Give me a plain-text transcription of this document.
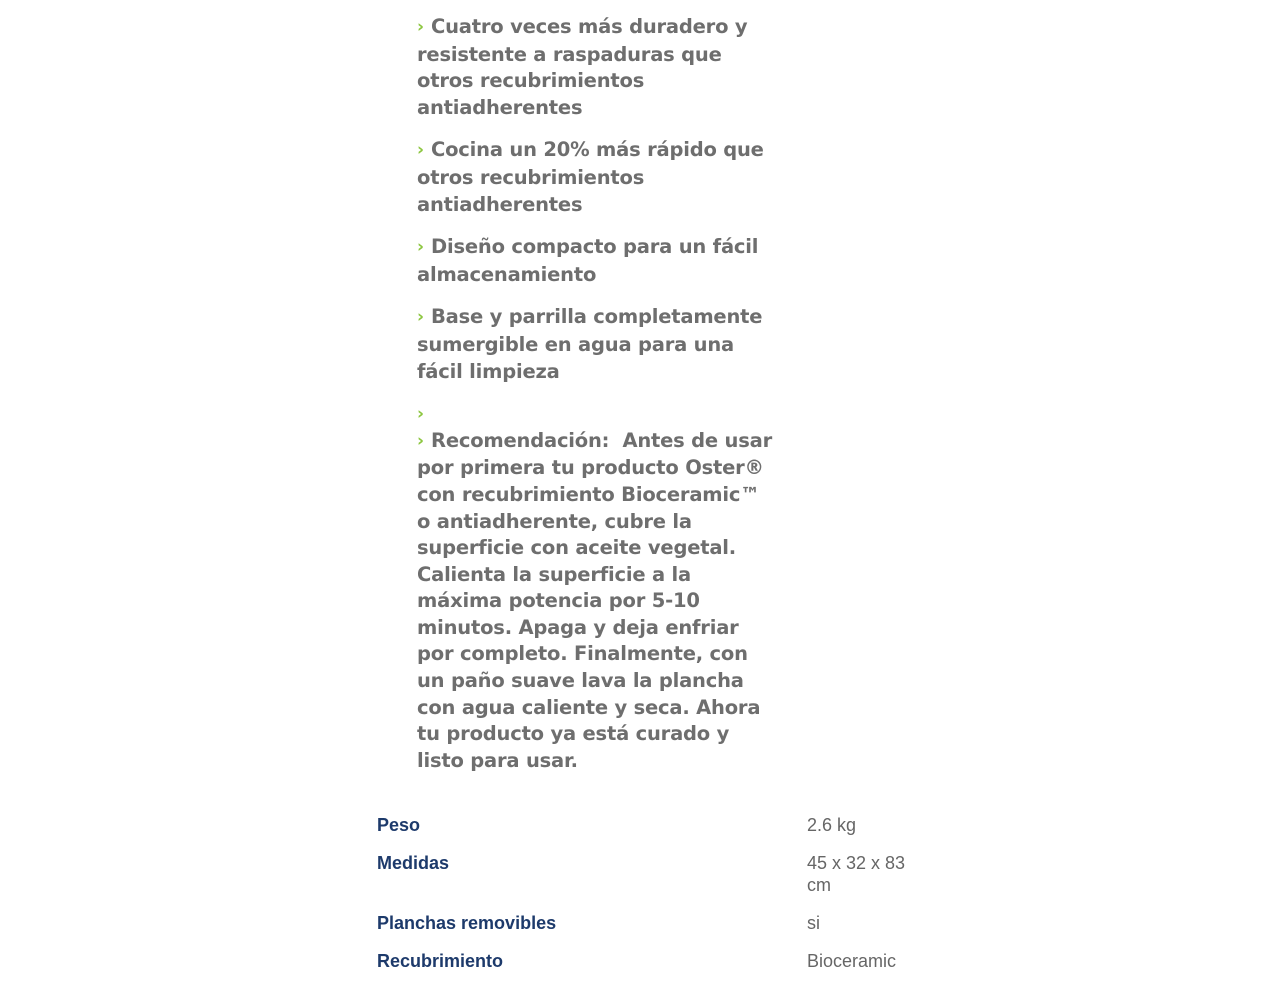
› Cuatro veces más duradero y resistente a raspaduras que otros recubrimientos antiadherentes
› Cocina un 20% más rápido que otros recubrimientos antiadherentes
› Diseño compacto para un fácil almacenamiento
› Base y parrilla completamente sumergible en agua para una fácil limpieza
›
› Recomendación: Antes de usar por primera tu producto Oster® con recubrimiento Bioceramic™ o antiadherente, cubre la superficie con aceite vegetal. Calienta la superficie a la máxima potencia por 5-10 minutos. Apaga y deja enfriar por completo. Finalmente, con un paño suave lava la plancha con agua caliente y seca. Ahora tu producto ya está curado y listo para usar.
Peso	2.6 kg
Medidas	45 x 32 x 83 cm
Planchas removibles	si
Recubrimiento	Bioceramic
